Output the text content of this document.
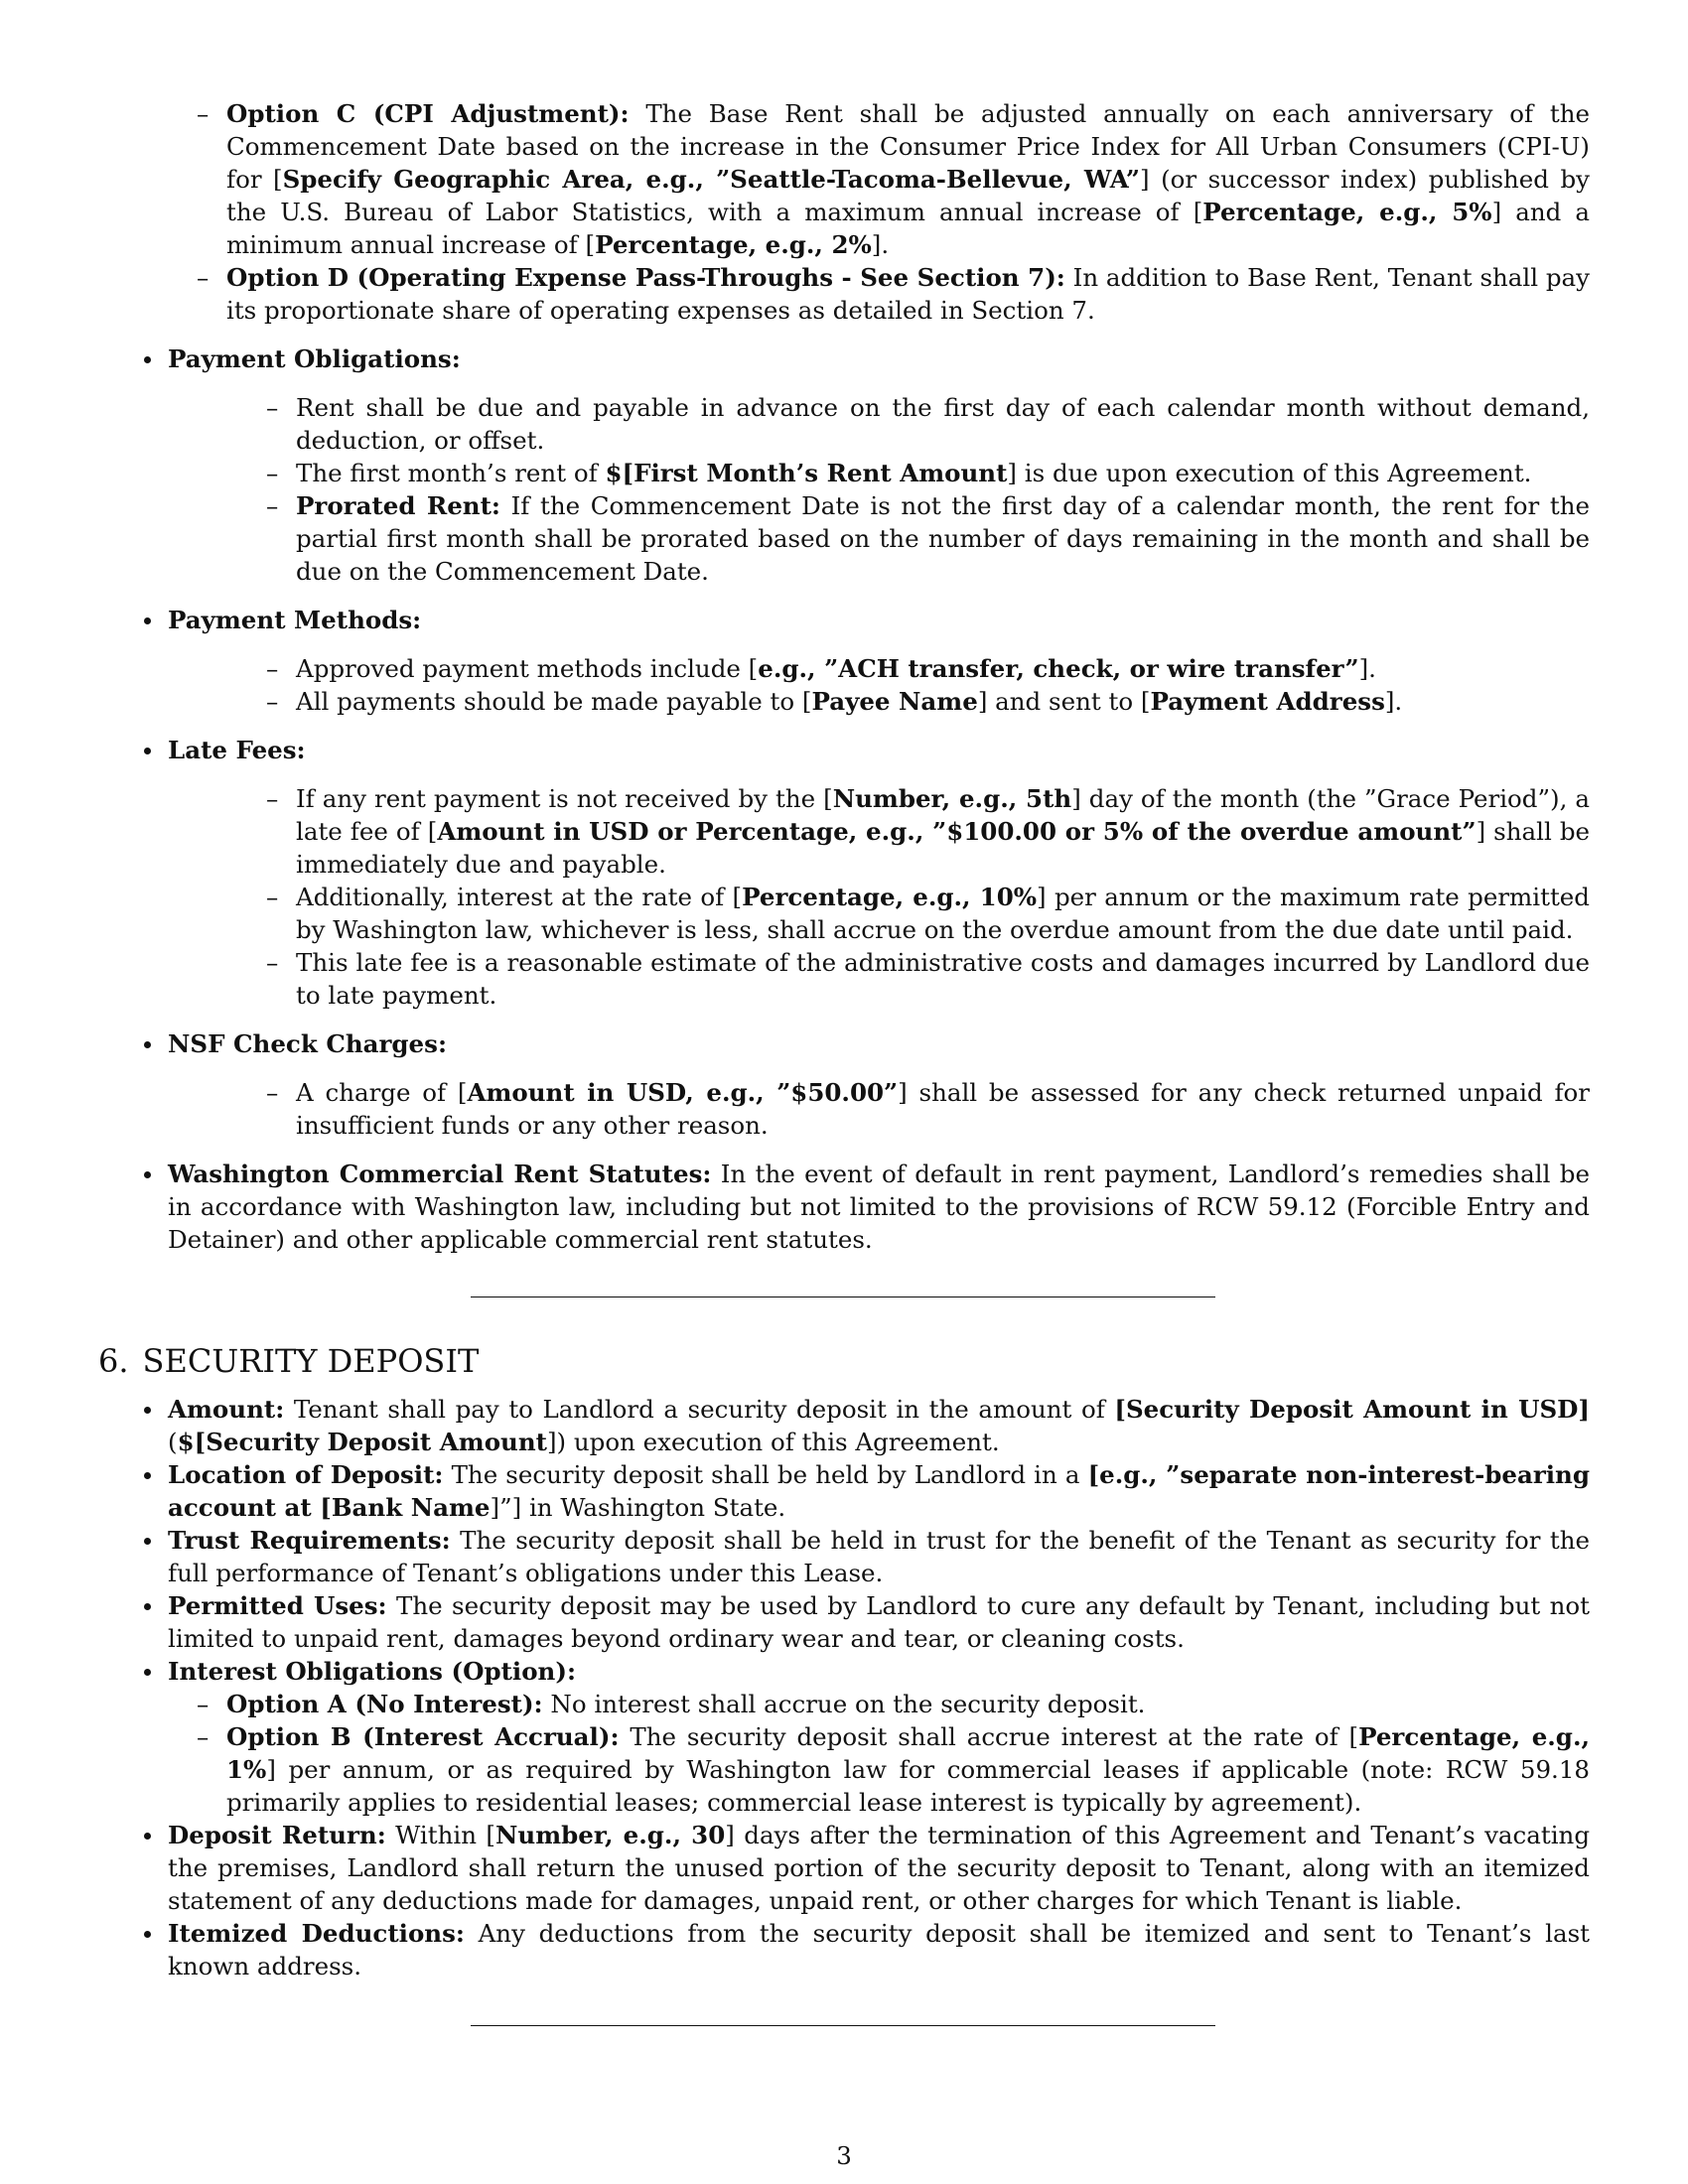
– Option C (CPI Adjustment): The Base Rent shall be adjusted annually on each anniversary of the Commencement Date based on the increase in the Consumer Price Index for All Urban Consumers (CPI-U) for [Specify Geographic Area, e.g., ”Seattle-Tacoma-Bellevue, WA”] (or successor index) published by the U.S. Bureau of Labor Statistics, with a maximum annual increase of [Percentage, e.g., 5%] and a minimum annual increase of [Percentage, e.g., 2%].
– Option D (Operating Expense Pass-Throughs - See Section 7): In addition to Base Rent, Tenant shall pay its proportionate share of operating expenses as detailed in Section 7.
Payment Obligations:
– Rent shall be due and payable in advance on the first day of each calendar month without demand, deduction, or offset.
– The first month’s rent of $[First Month’s Rent Amount] is due upon execution of this Agreement.
– Prorated Rent: If the Commencement Date is not the first day of a calendar month, the rent for the partial first month shall be prorated based on the number of days remaining in the month and shall be due on the Commencement Date.
Payment Methods:
– Approved payment methods include [e.g., ”ACH transfer, check, or wire transfer”].
– All payments should be made payable to [Payee Name] and sent to [Payment Address].
Late Fees:
– If any rent payment is not received by the [Number, e.g., 5th] day of the month (the ”Grace Period”), a late fee of [Amount in USD or Percentage, e.g., ”$100.00 or 5% of the overdue amount”] shall be immediately due and payable.
– Additionally, interest at the rate of [Percentage, e.g., 10%] per annum or the maximum rate permitted by Washington law, whichever is less, shall accrue on the overdue amount from the due date until paid.
– This late fee is a reasonable estimate of the administrative costs and damages incurred by Landlord due to late payment.
NSF Check Charges:
– A charge of [Amount in USD, e.g., ”$50.00”] shall be assessed for any check returned unpaid for insufficient funds or any other reason.
Washington Commercial Rent Statutes: In the event of default in rent payment, Landlord’s remedies shall be in accordance with Washington law, including but not limited to the provisions of RCW 59.12 (Forcible Entry and Detainer) and other applicable commercial rent statutes.
6. SECURITY DEPOSIT
Amount: Tenant shall pay to Landlord a security deposit in the amount of [Security Deposit Amount in USD] ($[Security Deposit Amount]) upon execution of this Agreement.
Location of Deposit: The security deposit shall be held by Landlord in a [e.g., ”separate non-interest-bearing account at [Bank Name]”] in Washington State.
Trust Requirements: The security deposit shall be held in trust for the benefit of the Tenant as security for the full performance of Tenant’s obligations under this Lease.
Permitted Uses: The security deposit may be used by Landlord to cure any default by Tenant, including but not limited to unpaid rent, damages beyond ordinary wear and tear, or cleaning costs.
Interest Obligations (Option):
– Option A (No Interest): No interest shall accrue on the security deposit.
– Option B (Interest Accrual): The security deposit shall accrue interest at the rate of [Percentage, e.g., 1%] per annum, or as required by Washington law for commercial leases if applicable (note: RCW 59.18 primarily applies to residential leases; commercial lease interest is typically by agreement).
Deposit Return: Within [Number, e.g., 30] days after the termination of this Agreement and Tenant’s vacating the premises, Landlord shall return the unused portion of the security deposit to Tenant, along with an itemized statement of any deductions made for damages, unpaid rent, or other charges for which Tenant is liable.
Itemized Deductions: Any deductions from the security deposit shall be itemized and sent to Tenant’s last known address.
3
